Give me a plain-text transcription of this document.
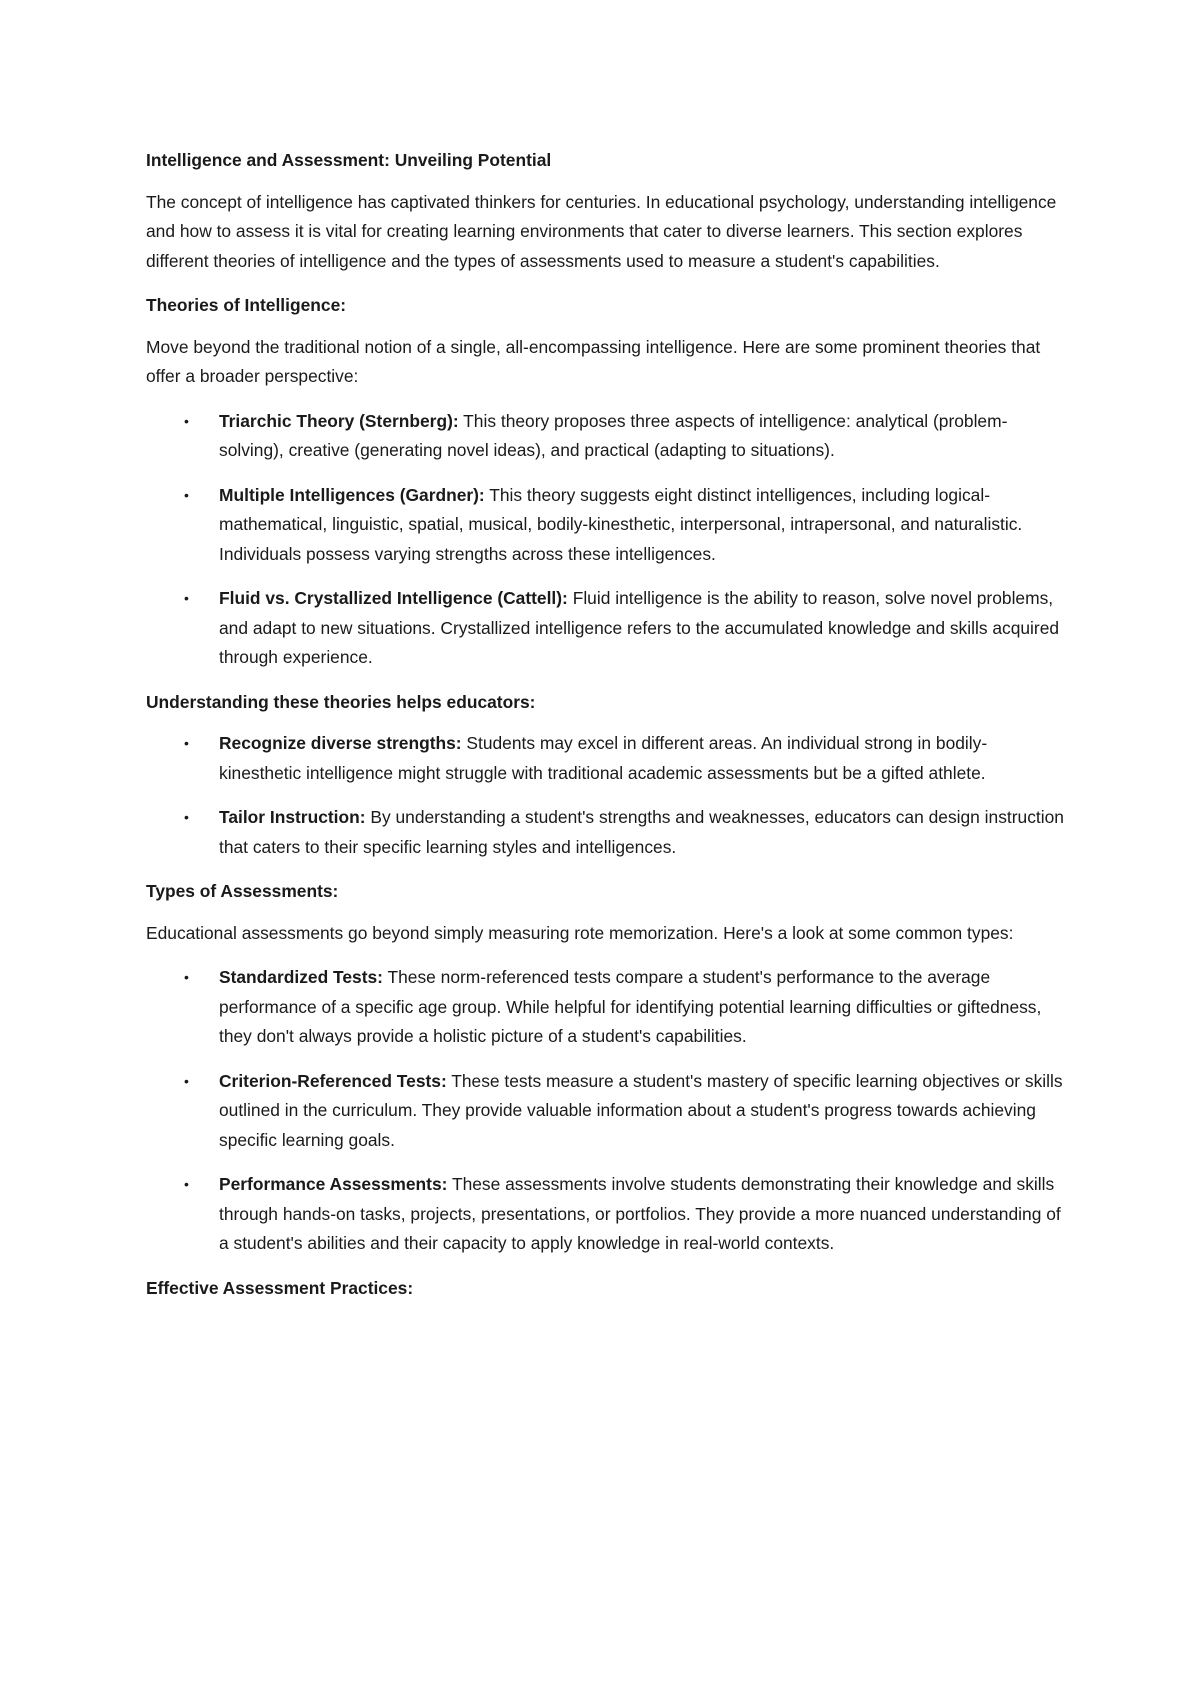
Intelligence and Assessment: Unveiling Potential

The concept of intelligence has captivated thinkers for centuries. In educational psychology, understanding intelligence and how to assess it is vital for creating learning environments that cater to diverse learners. This section explores different theories of intelligence and the types of assessments used to measure a student's capabilities.

Theories of Intelligence:

Move beyond the traditional notion of a single, all-encompassing intelligence. Here are some prominent theories that offer a broader perspective:

• Triarchic Theory (Sternberg): This theory proposes three aspects of intelligence: analytical (problem-solving), creative (generating novel ideas), and practical (adapting to situations).
• Multiple Intelligences (Gardner): This theory suggests eight distinct intelligences, including logical-mathematical, linguistic, spatial, musical, bodily-kinesthetic, interpersonal, intrapersonal, and naturalistic. Individuals possess varying strengths across these intelligences.
• Fluid vs. Crystallized Intelligence (Cattell): Fluid intelligence is the ability to reason, solve novel problems, and adapt to new situations. Crystallized intelligence refers to the accumulated knowledge and skills acquired through experience.
Understanding these theories helps educators:
• Recognize diverse strengths: Students may excel in different areas. An individual strong in bodily-kinesthetic intelligence might struggle with traditional academic assessments but be a gifted athlete.
• Tailor Instruction: By understanding a student's strengths and weaknesses, educators can design instruction that caters to their specific learning styles and intelligences.
Types of Assessments:

Educational assessments go beyond simply measuring rote memorization. Here's a look at some common types:

• Standardized Tests: These norm-referenced tests compare a student's performance to the average performance of a specific age group. While helpful for identifying potential learning difficulties or giftedness, they don't always provide a holistic picture of a student's capabilities.
• Criterion-Referenced Tests: These tests measure a student's mastery of specific learning objectives or skills outlined in the curriculum. They provide valuable information about a student's progress towards achieving specific learning goals.
• Performance Assessments: These assessments involve students demonstrating their knowledge and skills through hands-on tasks, projects, presentations, or portfolios. They provide a more nuanced understanding of a student's abilities and their capacity to apply knowledge in real-world contexts.
Effective Assessment Practices:
